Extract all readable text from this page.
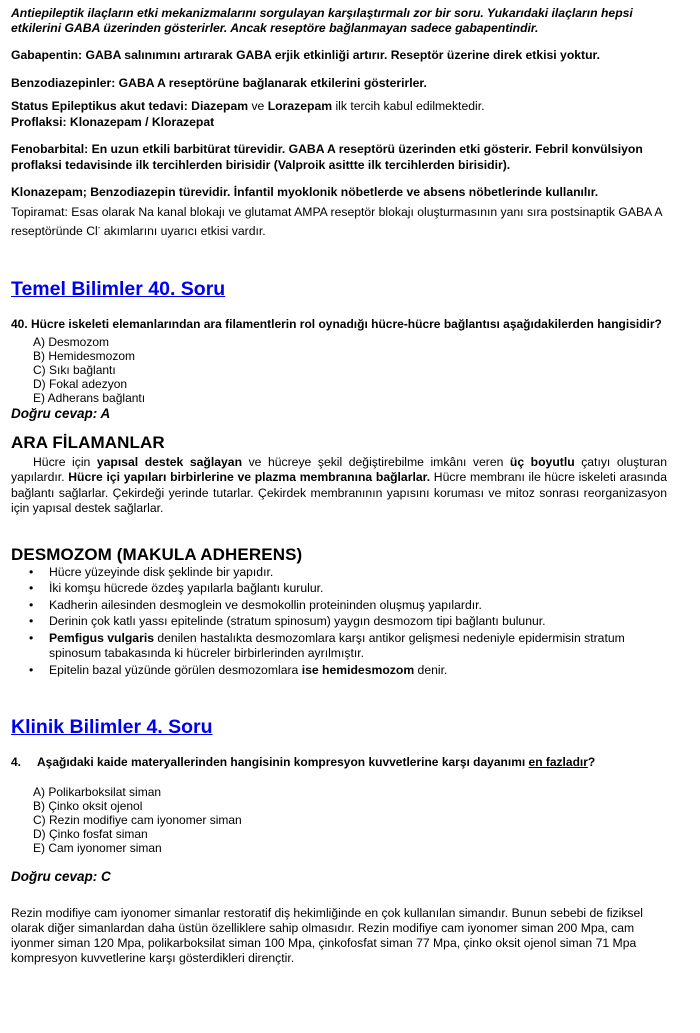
Antiepileptik ilaçların etki mekanizmalarını sorgulayan karşılaştırmalı zor bir soru. Yukarıdaki ilaçların hepsi etkilerini GABA üzerinden gösterirler. Ancak reseptöre bağlanmayan sadece gabapentindir.

Gabapentin: GABA salınımını artırarak GABA erjik etkinliği artırır. Reseptör üzerine direk etkisi yoktur.

Benzodiazepinler: GABA A reseptörüne bağlanarak etkilerini gösterirler.

Status Epileptikus akut tedavi: Diazepam ve Lorazepam ilk tercih kabul edilmektedir.

Proflaksi: Klonazepam / Klorazepat

Fenobarbital: En uzun etkili barbitürat türevidir. GABA A reseptörü üzerinden etki gösterir. Febril konvülsiyon proflaksi tedavisinde ilk tercihlerden birisidir (Valproik asittte ilk tercihlerden birisidir).

Klonazepam; Benzodiazepin türevidir. İnfantil myoklonik nöbetlerde ve absens nöbetlerinde kullanılır.

Topiramat: Esas olarak Na kanal blokajı ve glutamat AMPA reseptör blokajı oluşturmasının yanı sıra postsinaptik GABA A reseptöründe Cl- akımlarını uyarıcı etkisi vardır.

Temel Bilimler 40. Soru

40. Hücre iskeleti elemanlarından ara filamentlerin rol oynadığı hücre-hücre bağlantısı aşağıdakilerden hangisidir?

A) Desmozom
B) Hemidesmozom
C) Sıkı bağlantı
D) Fokal adezyon
E) Adherans bağlantı

Doğru cevap: A

ARA FİLAMANLAR

Hücre için yapısal destek sağlayan ve hücreye şekil değiştirebilme imkânı veren üç boyutlu çatıyı oluşturan yapılardır. Hücre içi yapıları birbirlerine ve plazma membranına bağlarlar. Hücre membranı ile hücre iskeleti arasında bağlantı sağlarlar. Çekirdeği yerinde tutarlar. Çekirdek membranının yapısını koruması ve mitoz sonrası reorganizasyon için yapısal destek sağlarlar.

DESMOZOM (MAKULA ADHERENS)

• Hücre yüzeyinde disk şeklinde bir yapıdır.
• İki komşu hücrede özdeş yapılarla bağlantı kurulur.
• Kadherin ailesinden desmoglein ve desmokollin proteininden oluşmuş yapılardır.
• Derinin çok katlı yassı epitelinde (stratum spinosum) yaygın desmozom tipi bağlantı bulunur.
• Pemfigus vulgaris denilen hastalıkta desmozomlara karşı antikor gelişmesi nedeniyle epidermisin stratum spinosum tabakasında ki hücreler birbirlerinden ayrılmıştır.
• Epitelin bazal yüzünde görülen desmozomlara ise hemidesmozom denir.
Klinik Bilimler 4. Soru

4. Aşağıdaki kaide materyallerinden hangisinin kompresyon kuvvetlerine karşı dayanımı en fazladır?

A) Polikarboksilat siman
B) Çinko oksit ojenol
C) Rezin modifiye cam iyonomer siman
D) Çinko fosfat siman
E) Cam iyonomer siman

Doğru cevap: C

Rezin modifiye cam iyonomer simanlar restoratif diş hekimliğinde en çok kullanılan simandır. Bunun sebebi de fiziksel olarak diğer simanlardan daha üstün özelliklere sahip olmasıdır. Rezin modifiye cam iyonomer siman 200 Mpa, cam iyonmer siman 120 Mpa, polikarboksilat siman 100 Mpa, çinkofosfat siman 77 Mpa, çinko oksit ojenol siman 71 Mpa kompresyon kuvvetlerine karşı gösterdikleri dirençtir.
